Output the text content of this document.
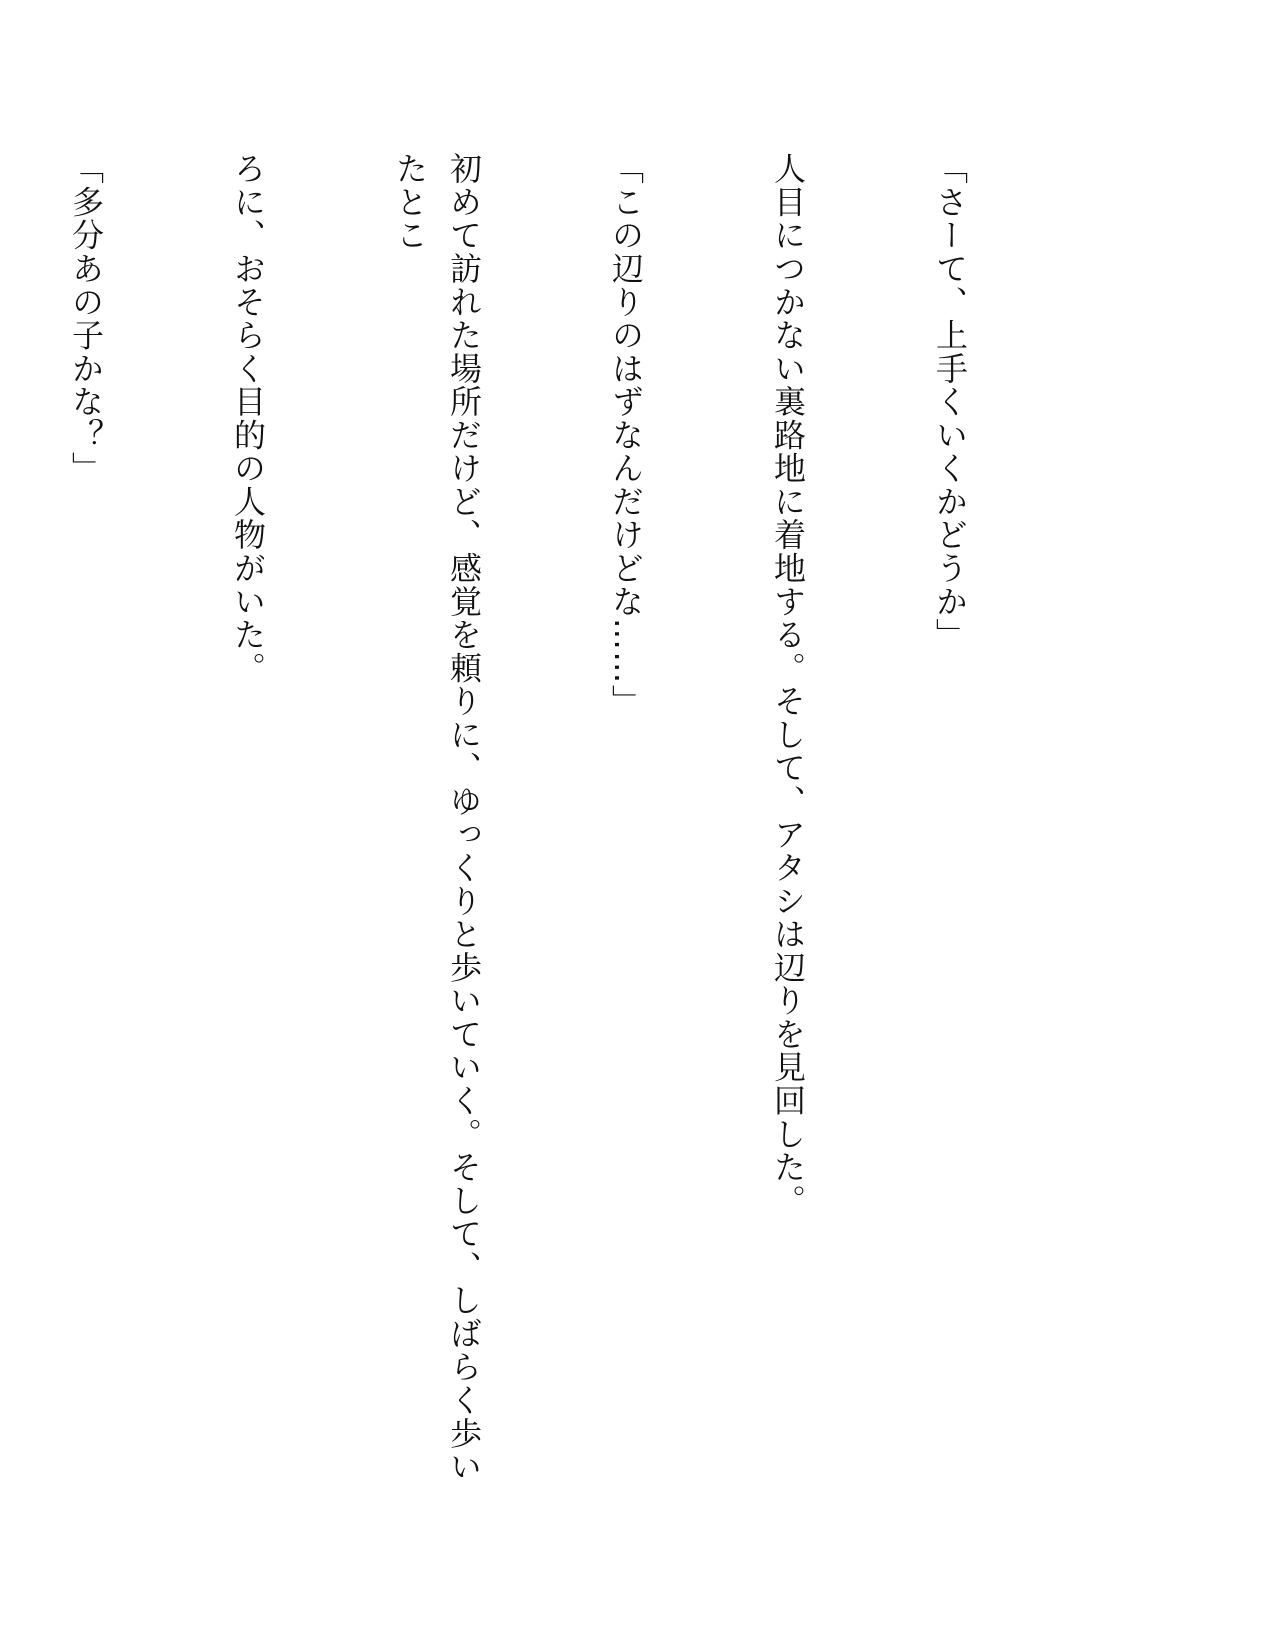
「さーて、上手くいくかどうか」

人目につかない裏路地に着地する。そして、アタシは辺りを見回した。

「この辺りのはずなんだけどな……」

初めて訪れた場所だけど、感覚を頼りに、ゆっくりと歩いていく。そして、しばらく歩いたとこ

ろに、おそらく目的の人物がいた。

「多分あの子かな？」
